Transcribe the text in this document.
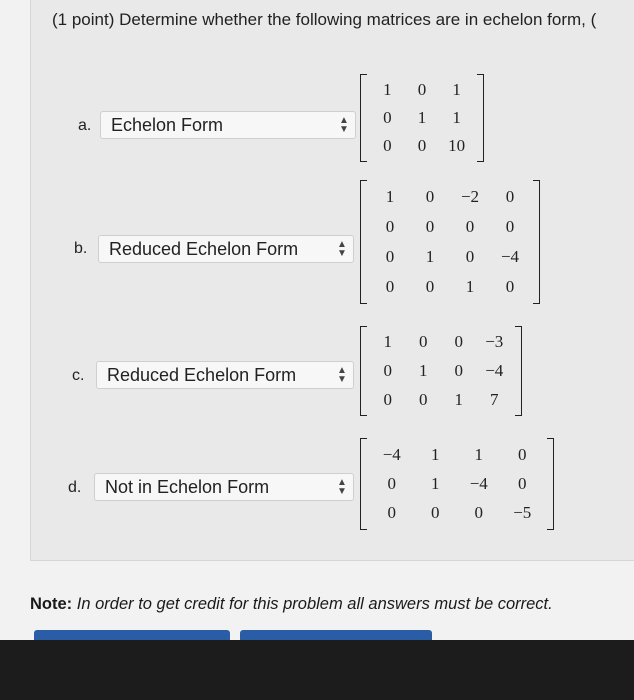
(1 point) Determine whether the following matrices are in echelon form, (
a.	Echelon Form	▲
▼
1	0	1
0	1	1
0	0	10
b.	Reduced Echelon Form	▲
▼
1	0	−2	0
0	0	0	0
0	1	0	−4
0	0	1	0
c.	Reduced Echelon Form	▲
▼
1	0	0	−3
0	1	0	−4
0	0	1	7
d.	Not in Echelon Form	▲
▼
−4	1	1	0
0	1	−4	0
0	0	0	−5
Note: In order to get credit for this problem all answers must be correct.
